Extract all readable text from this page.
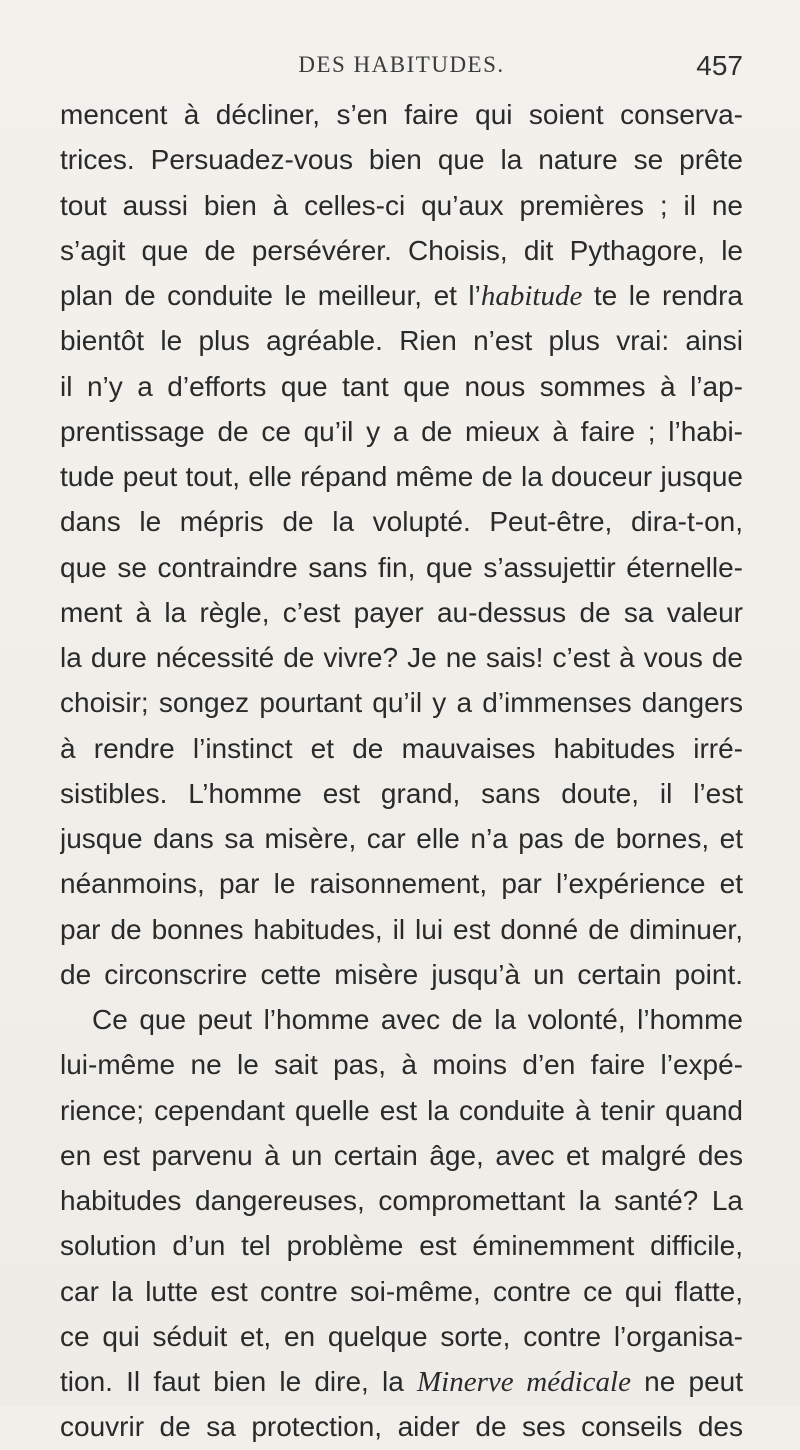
DES HABITUDES.	457
mencent à décliner, s’en faire qui soient conserva-
trices. Persuadez-vous bien que la nature se prête
tout aussi bien à celles-ci qu’aux premières ; il ne
s’agit que de persévérer. Choisis, dit Pythagore, le
plan de conduite le meilleur, et l’habitude te le rendra
bientôt le plus agréable. Rien n’est plus vrai: ainsi
il n’y a d’efforts que tant que nous sommes à l’ap-
prentissage de ce qu’il y a de mieux à faire ; l’habi-
tude peut tout, elle répand même de la douceur jusque
dans le mépris de la volupté. Peut-être, dira-t-on,
que se contraindre sans fin, que s’assujettir éternelle-
ment à la règle, c’est payer au-dessus de sa valeur
la dure nécessité de vivre? Je ne sais! c’est à vous de
choisir; songez pourtant qu’il y a d’immenses dangers
à rendre l’instinct et de mauvaises habitudes irré-
sistibles. L’homme est grand, sans doute, il l’est
jusque dans sa misère, car elle n’a pas de bornes, et
néanmoins, par le raisonnement, par l’expérience et
par de bonnes habitudes, il lui est donné de diminuer,
de circonscrire cette misère jusqu’à un certain point.
Ce que peut l’homme avec de la volonté, l’homme
lui-même ne le sait pas, à moins d’en faire l’expé-
rience; cependant quelle est la conduite à tenir quand
en est parvenu à un certain âge, avec et malgré des
habitudes dangereuses, compromettant la santé? La
solution d’un tel problème est éminemment difficile,
car la lutte est contre soi-même, contre ce qui flatte,
ce qui séduit et, en quelque sorte, contre l’organisa-
tion. Il faut bien le dire, la Minerve médicale ne peut
couvrir de sa protection, aider de ses conseils des
